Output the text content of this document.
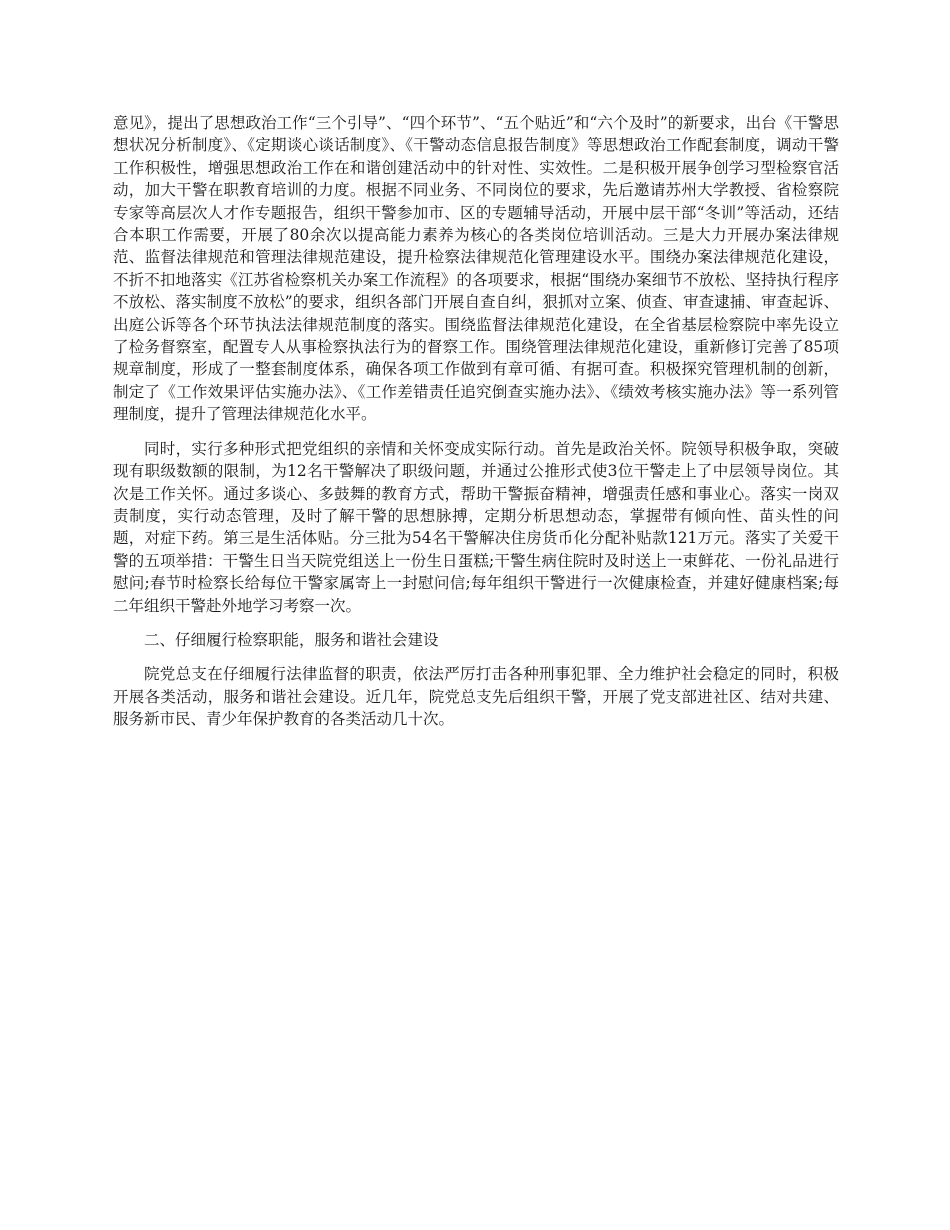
意见》，提出了思想政治工作“三个引导”、“四个环节”、“五个贴近”和“六个及时”的新要求，出台《干警思想状况分析制度》、《定期谈心谈话制度》、《干警动态信息报告制度》等思想政治工作配套制度，调动干警工作积极性，增强思想政治工作在和谐创建活动中的针对性、实效性。二是积极开展争创学习型检察官活动，加大干警在职教育培训的力度。根据不同业务、不同岗位的要求，先后邀请苏州大学教授、省检察院专家等高层次人才作专题报告，组织干警参加市、区的专题辅导活动，开展中层干部“冬训”等活动，还结合本职工作需要，开展了80余次以提高能力素养为核心的各类岗位培训活动。三是大力开展办案法律规范、监督法律规范和管理法律规范建设，提升检察法律规范化管理建设水平。围绕办案法律规范化建设，不折不扣地落实《江苏省检察机关办案工作流程》的各项要求，根据“围绕办案细节不放松、坚持执行程序不放松、落实制度不放松”的要求，组织各部门开展自查自纠，狠抓对立案、侦查、审查逮捕、审查起诉、出庭公诉等各个环节执法法律规范制度的落实。围绕监督法律规范化建设，在全省基层检察院中率先设立了检务督察室，配置专人从事检察执法行为的督察工作。围绕管理法律规范化建设，重新修订完善了85项规章制度，形成了一整套制度体系，确保各项工作做到有章可循、有据可查。积极探究管理机制的创新，制定了《工作效果评估实施办法》、《工作差错责任追究倒查实施办法》、《绩效考核实施办法》等一系列管理制度，提升了管理法律规范化水平。

同时，实行多种形式把党组织的亲情和关怀变成实际行动。首先是政治关怀。院领导积极争取，突破现有职级数额的限制，为12名干警解决了职级问题，并通过公推形式使3位干警走上了中层领导岗位。其次是工作关怀。通过多谈心、多鼓舞的教育方式，帮助干警振奋精神，增强责任感和事业心。落实一岗双责制度，实行动态管理，及时了解干警的思想脉搏，定期分析思想动态，掌握带有倾向性、苗头性的问题，对症下药。第三是生活体贴。分三批为54名干警解决住房货币化分配补贴款121万元。落实了关爱干警的五项举措：干警生日当天院党组送上一份生日蛋糕;干警生病住院时及时送上一束鲜花、一份礼品进行慰问;春节时检察长给每位干警家属寄上一封慰问信;每年组织干警进行一次健康检查，并建好健康档案;每二年组织干警赴外地学习考察一次。

二、仔细履行检察职能，服务和谐社会建设

院党总支在仔细履行法律监督的职责，依法严厉打击各种刑事犯罪、全力维护社会稳定的同时，积极开展各类活动，服务和谐社会建设。近几年，院党总支先后组织干警，开展了党支部进社区、结对共建、服务新市民、青少年保护教育的各类活动几十次。
